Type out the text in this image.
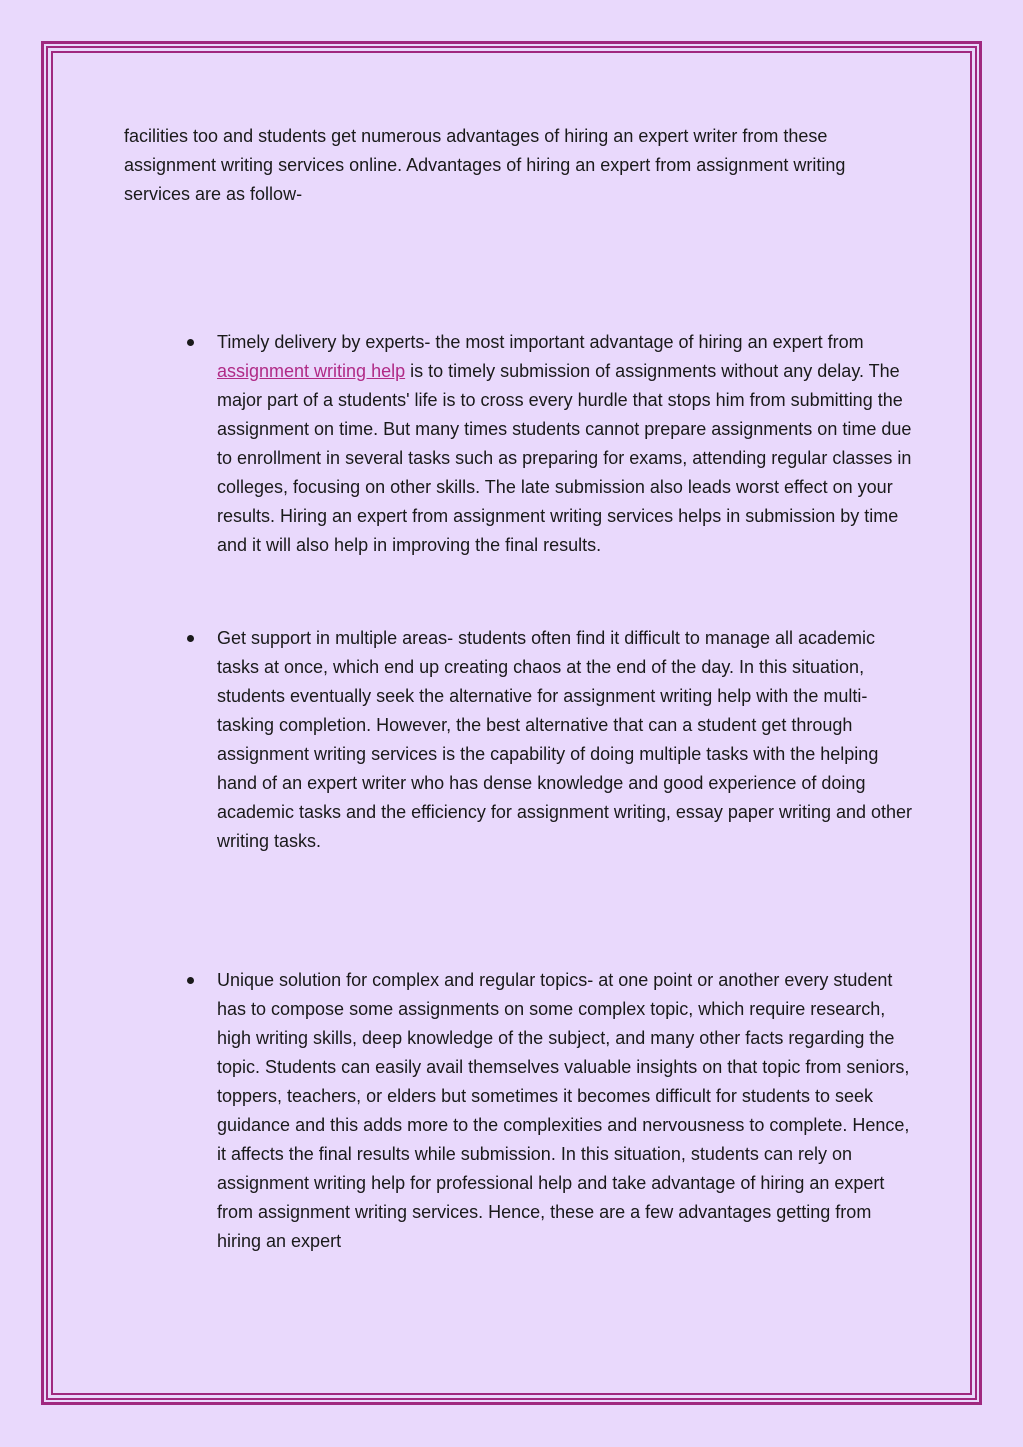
facilities too and students get numerous advantages of hiring an expert writer from these assignment writing services online. Advantages of hiring an expert from assignment writing services are as follow-

Timely delivery by experts- the most important advantage of hiring an expert from assignment writing help is to timely submission of assignments without any delay. The major part of a students' life is to cross every hurdle that stops him from submitting the assignment on time. But many times students cannot prepare assignments on time due to enrollment in several tasks such as preparing for exams, attending regular classes in colleges, focusing on other skills. The late submission also leads worst effect on your results. Hiring an expert from assignment writing services helps in submission by time and it will also help in improving the final results.
Get support in multiple areas- students often find it difficult to manage all academic tasks at once, which end up creating chaos at the end of the day. In this situation, students eventually seek the alternative for assignment writing help with the multi-tasking completion. However, the best alternative that can a student get through assignment writing services is the capability of doing multiple tasks with the helping hand of an expert writer who has dense knowledge and good experience of doing academic tasks and the efficiency for assignment writing, essay paper writing and other writing tasks.
Unique solution for complex and regular topics- at one point or another every student has to compose some assignments on some complex topic, which require research, high writing skills, deep knowledge of the subject, and many other facts regarding the topic. Students can easily avail themselves valuable insights on that topic from seniors, toppers, teachers, or elders but sometimes it becomes difficult for students to seek guidance and this adds more to the complexities and nervousness to complete. Hence, it affects the final results while submission. In this situation, students can rely on assignment writing help for professional help and take advantage of hiring an expert from assignment writing services. Hence, these are a few advantages getting from hiring an expert
